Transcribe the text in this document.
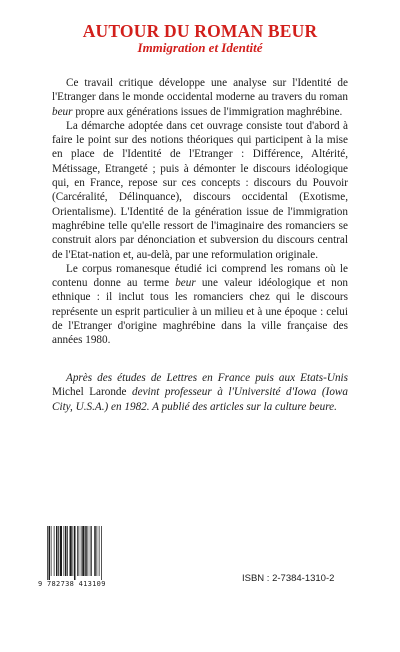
AUTOUR DU ROMAN BEUR
Immigration et Identité

Ce travail critique développe une analyse sur l'Identité de l'Etranger dans le monde occidental moderne au travers du roman beur propre aux générations issues de l'immigration maghrébine.

La démarche adoptée dans cet ouvrage consiste tout d'abord à faire le point sur des notions théoriques qui participent à la mise en place de l'Identité de l'Etranger : Différence, Altérité, Métissage, Etrangeté ; puis à démonter le discours idéologique qui, en France, repose sur ces concepts : discours du Pouvoir (Carcéralité, Délinquance), discours occidental (Exotisme, Orientalisme). L'Identité de la génération issue de l'immigration maghrébine telle qu'elle ressort de l'imaginaire des romanciers se construit alors par dénonciation et subversion du discours central de l'Etat-nation et, au-delà, par une reformulation originale.

Le corpus romanesque étudié ici comprend les romans où le contenu donne au terme beur une valeur idéologique et non ethnique : il inclut tous les romanciers chez qui le discours représente un esprit particulier à un milieu et à une époque : celui de l'Etranger d'origine maghrébine dans la ville française des années 1980.

Après des études de Lettres en France puis aux Etats-Unis Michel Laronde devint professeur à l'Université d'Iowa (Iowa City, U.S.A.) en 1982. A publié des articles sur la culture beure.

9 782738 413109	ISBN : 2-7384-1310-2
